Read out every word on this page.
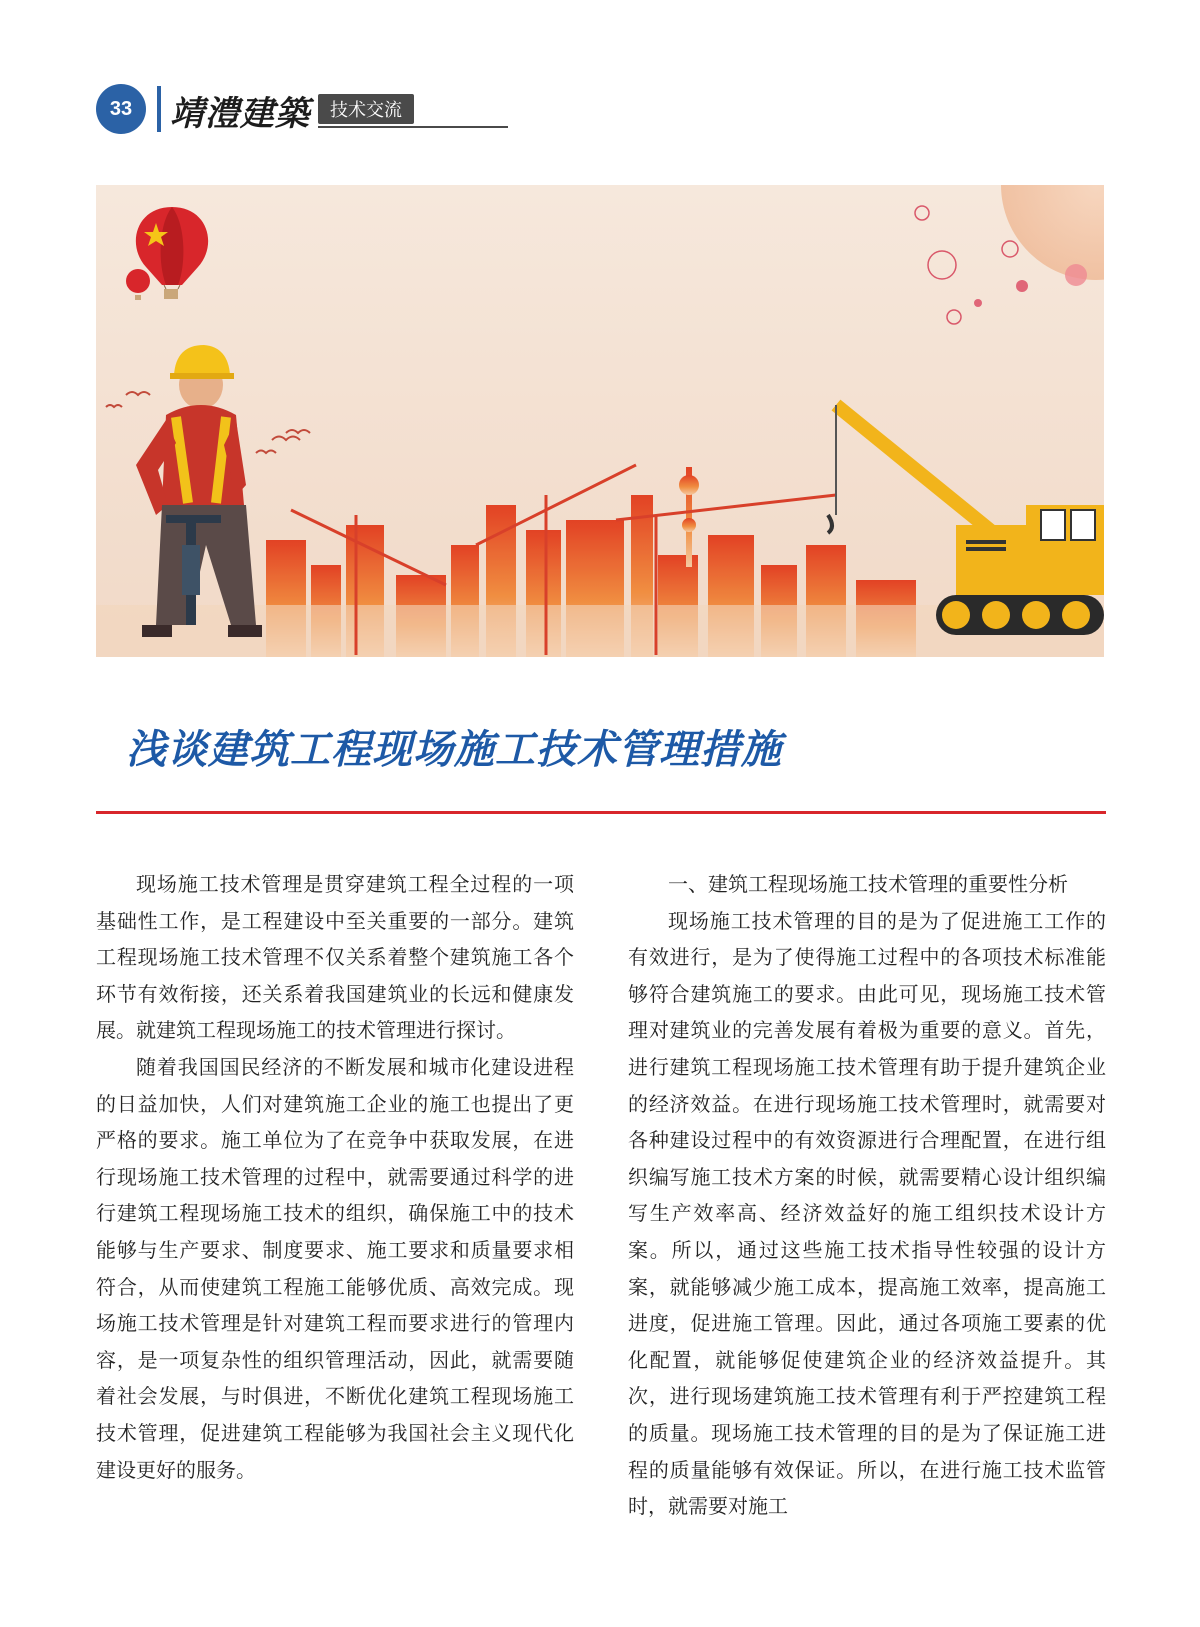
33	靖澧建築	技术交流
浅谈建筑工程现场施工技术管理措施

现场施工技术管理是贯穿建筑工程全过程的一项基础性工作，是工程建设中至关重要的一部分。建筑工程现场施工技术管理不仅关系着整个建筑施工各个环节有效衔接，还关系着我国建筑业的长远和健康发展。就建筑工程现场施工的技术管理进行探讨。

随着我国国民经济的不断发展和城市化建设进程的日益加快，人们对建筑施工企业的施工也提出了更严格的要求。施工单位为了在竞争中获取发展，在进行现场施工技术管理的过程中，就需要通过科学的进行建筑工程现场施工技术的组织，确保施工中的技术能够与生产要求、制度要求、施工要求和质量要求相符合，从而使建筑工程施工能够优质、高效完成。现场施工技术管理是针对建筑工程而要求进行的管理内容，是一项复杂性的组织管理活动，因此，就需要随着社会发展，与时俱进，不断优化建筑工程现场施工技术管理，促进建筑工程能够为我国社会主义现代化建设更好的服务。

一、建筑工程现场施工技术管理的重要性分析

现场施工技术管理的目的是为了促进施工工作的有效进行，是为了使得施工过程中的各项技术标准能够符合建筑施工的要求。由此可见，现场施工技术管理对建筑业的完善发展有着极为重要的意义。首先，进行建筑工程现场施工技术管理有助于提升建筑企业的经济效益。在进行现场施工技术管理时，就需要对各种建设过程中的有效资源进行合理配置，在进行组织编写施工技术方案的时候，就需要精心设计组织编写生产效率高、经济效益好的施工组织技术设计方案。所以，通过这些施工技术指导性较强的设计方案，就能够减少施工成本，提高施工效率，提高施工进度，促进施工管理。因此，通过各项施工要素的优化配置，就能够促使建筑企业的经济效益提升。其次，进行现场建筑施工技术管理有利于严控建筑工程的质量。现场施工技术管理的目的是为了保证施工进程的质量能够有效保证。所以，在进行施工技术监管时，就需要对施工
